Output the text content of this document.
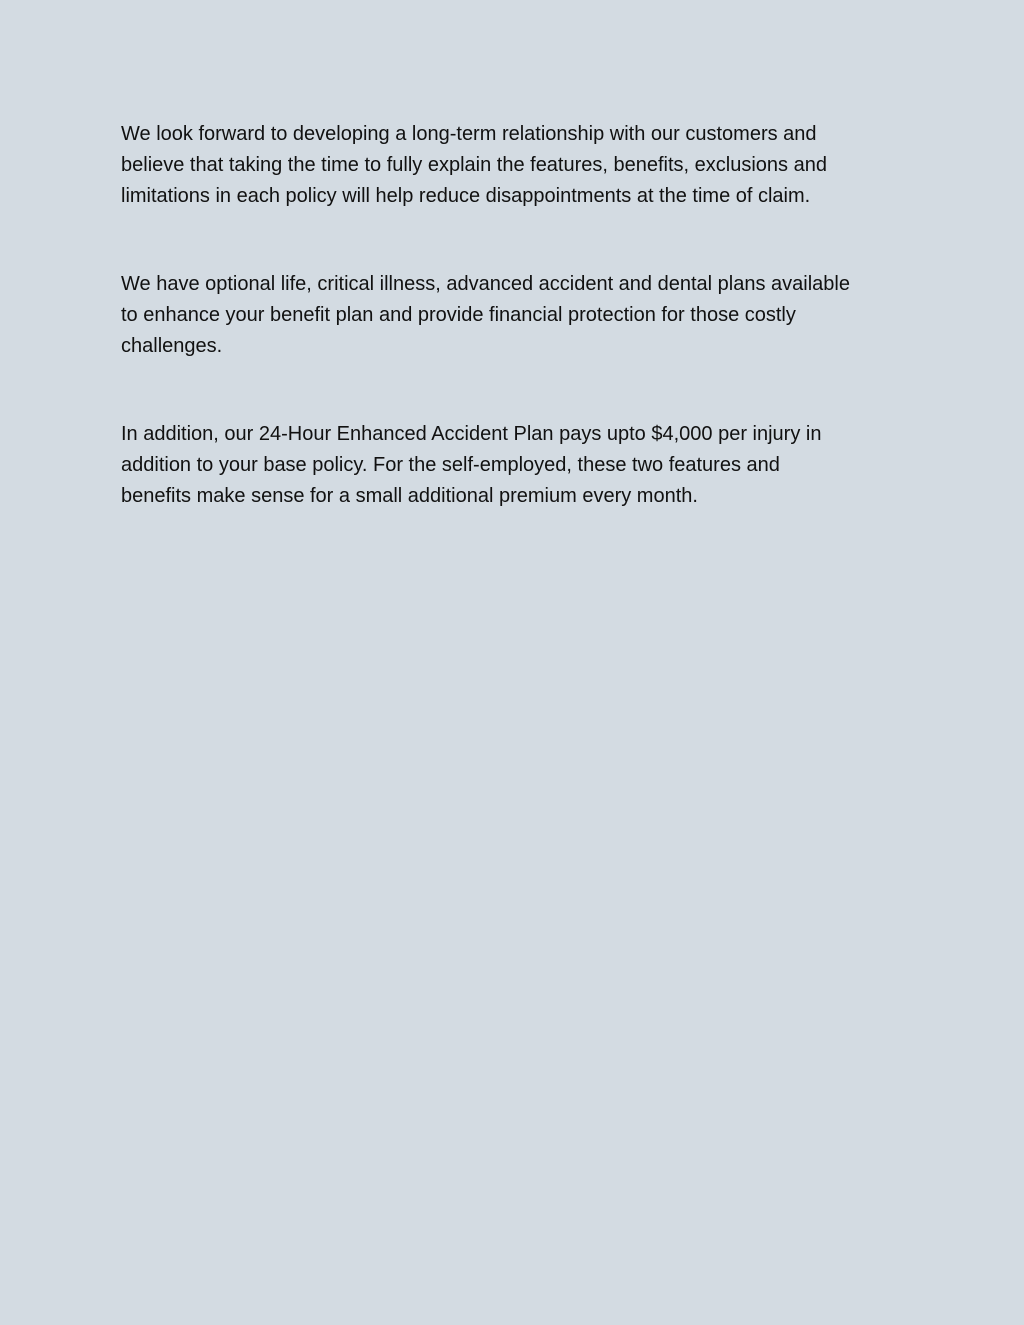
We look forward to developing a long-term relationship with our customers and
believe that taking the time to fully explain the features, benefits, exclusions and
limitations in each policy will help reduce disappointments at the time of claim.

We have optional life, critical illness, advanced accident and dental plans available
to enhance your benefit plan and provide financial protection for those costly
challenges.

In addition, our 24-Hour Enhanced Accident Plan pays upto $4,000 per injury in
addition to your base policy. For the self-employed, these two features and
benefits make sense for a small additional premium every month.
